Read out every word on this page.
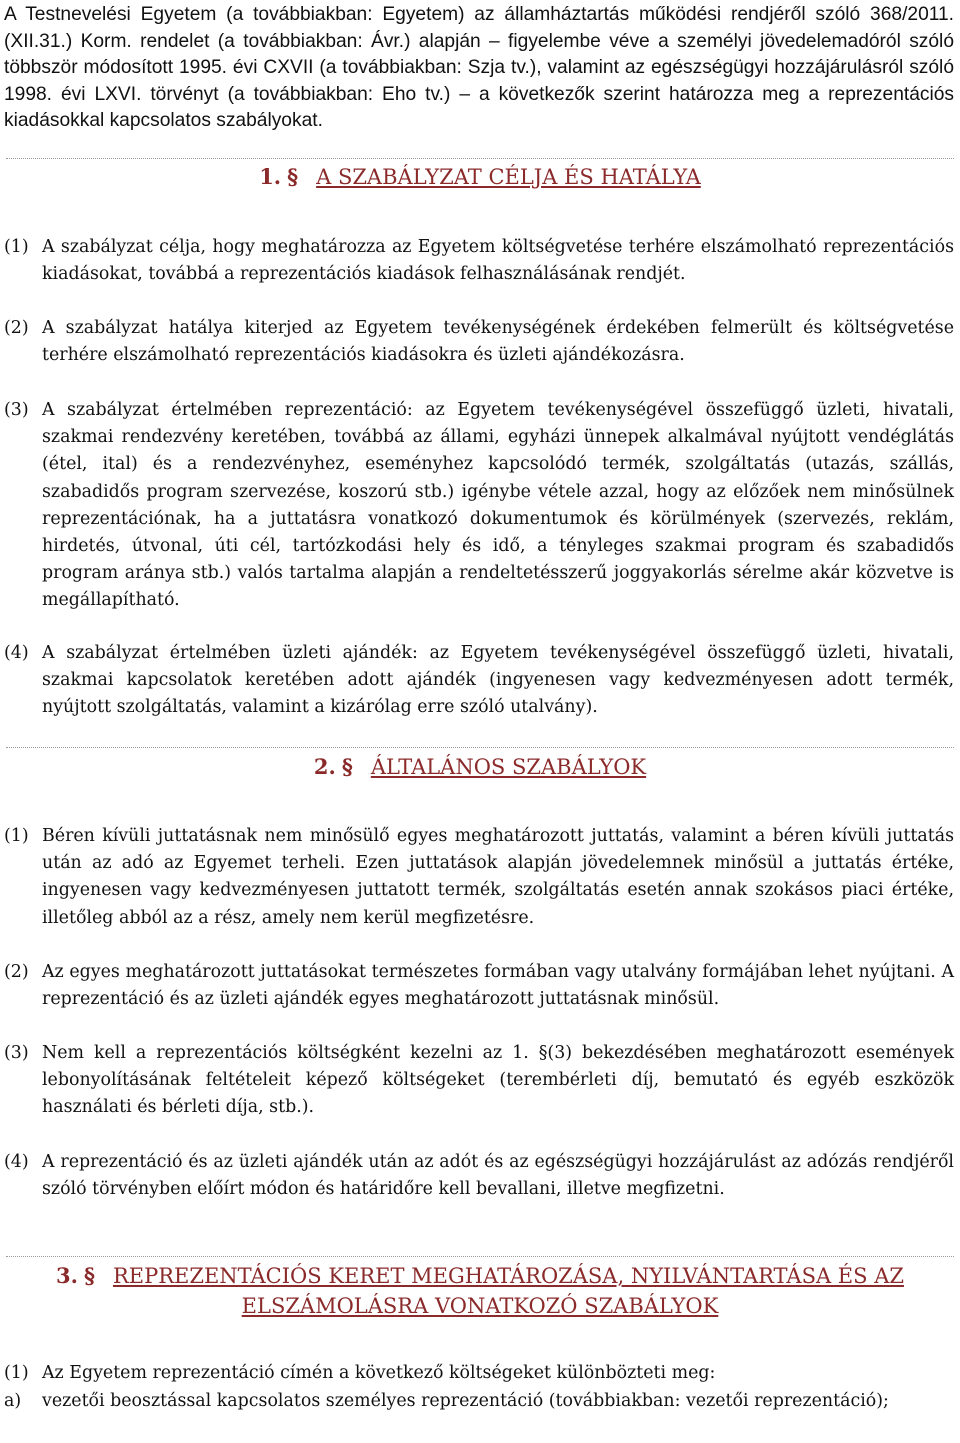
A Testnevelési Egyetem (a továbbiakban: Egyetem) az államháztartás működési rendjéről szóló 368/2011. (XII.31.) Korm. rendelet (a továbbiakban: Ávr.) alapján – figyelembe véve a személyi jövedelemadóról szóló többször módosított 1995. évi CXVII (a továbbiakban: Szja tv.), valamint az egészségügyi hozzájárulásról szóló 1998. évi LXVI. törvényt (a továbbiakban: Eho tv.) – a következők szerint határozza meg a reprezentációs kiadásokkal kapcsolatos szabályokat.

1. § A SZABÁLYZAT CÉLJA ÉS HATÁLYA
(1) A szabályzat célja, hogy meghatározza az Egyetem költségvetése terhére elszámolható reprezentációs kiadásokat, továbbá a reprezentációs kiadások felhasználásának rendjét.
(2) A szabályzat hatálya kiterjed az Egyetem tevékenységének érdekében felmerült és költségvetése terhére elszámolható reprezentációs kiadásokra és üzleti ajándékozásra.
(3) A szabályzat értelmében reprezentáció: az Egyetem tevékenységével összefüggő üzleti, hivatali, szakmai rendezvény keretében, továbbá az állami, egyházi ünnepek alkalmával nyújtott vendéglátás (étel, ital) és a rendezvényhez, eseményhez kapcsolódó termék, szolgáltatás (utazás, szállás, szabadidős program szervezése, koszorú stb.) igénybe vétele azzal, hogy az előzőek nem minősülnek reprezentációnak, ha a juttatásra vonatkozó dokumentumok és körülmények (szervezés, reklám, hirdetés, útvonal, úti cél, tartózkodási hely és idő, a tényleges szakmai program és szabadidős program aránya stb.) valós tartalma alapján a rendeltetésszerű joggyakorlás sérelme akár közvetve is megállapítható.
(4) A szabályzat értelmében üzleti ajándék: az Egyetem tevékenységével összefüggő üzleti, hivatali, szakmai kapcsolatok keretében adott ajándék (ingyenesen vagy kedvezményesen adott termék, nyújtott szolgáltatás, valamint a kizárólag erre szóló utalvány).
2. § ÁLTALÁNOS SZABÁLYOK
(1) Béren kívüli juttatásnak nem minősülő egyes meghatározott juttatás, valamint a béren kívüli juttatás után az adó az Egyemet terheli. Ezen juttatások alapján jövedelemnek minősül a juttatás értéke, ingyenesen vagy kedvezményesen juttatott termék, szolgáltatás esetén annak szokásos piaci értéke, illetőleg abból az a rész, amely nem kerül megfizetésre.
(2) Az egyes meghatározott juttatásokat természetes formában vagy utalvány formájában lehet nyújtani. A reprezentáció és az üzleti ajándék egyes meghatározott juttatásnak minősül.
(3) Nem kell a reprezentációs költségként kezelni az 1. §(3) bekezdésében meghatározott események lebonyolításának feltételeit képező költségeket (terembérleti díj, bemutató és egyéb eszközök használati és bérleti díja, stb.).
(4) A reprezentáció és az üzleti ajándék után az adót és az egészségügyi hozzájárulást az adózás rendjéről szóló törvényben előírt módon és határidőre kell bevallani, illetve megfizetni.
3. § REPREZENTÁCIÓS KERET MEGHATÁROZÁSA, NYILVÁNTARTÁSA ÉS AZ
ELSZÁMOLÁSRA VONATKOZÓ SZABÁLYOK
(1) Az Egyetem reprezentáció címén a következő költségeket különbözteti meg:
a) vezetői beosztással kapcsolatos személyes reprezentáció (továbbiakban: vezetői reprezentáció);
